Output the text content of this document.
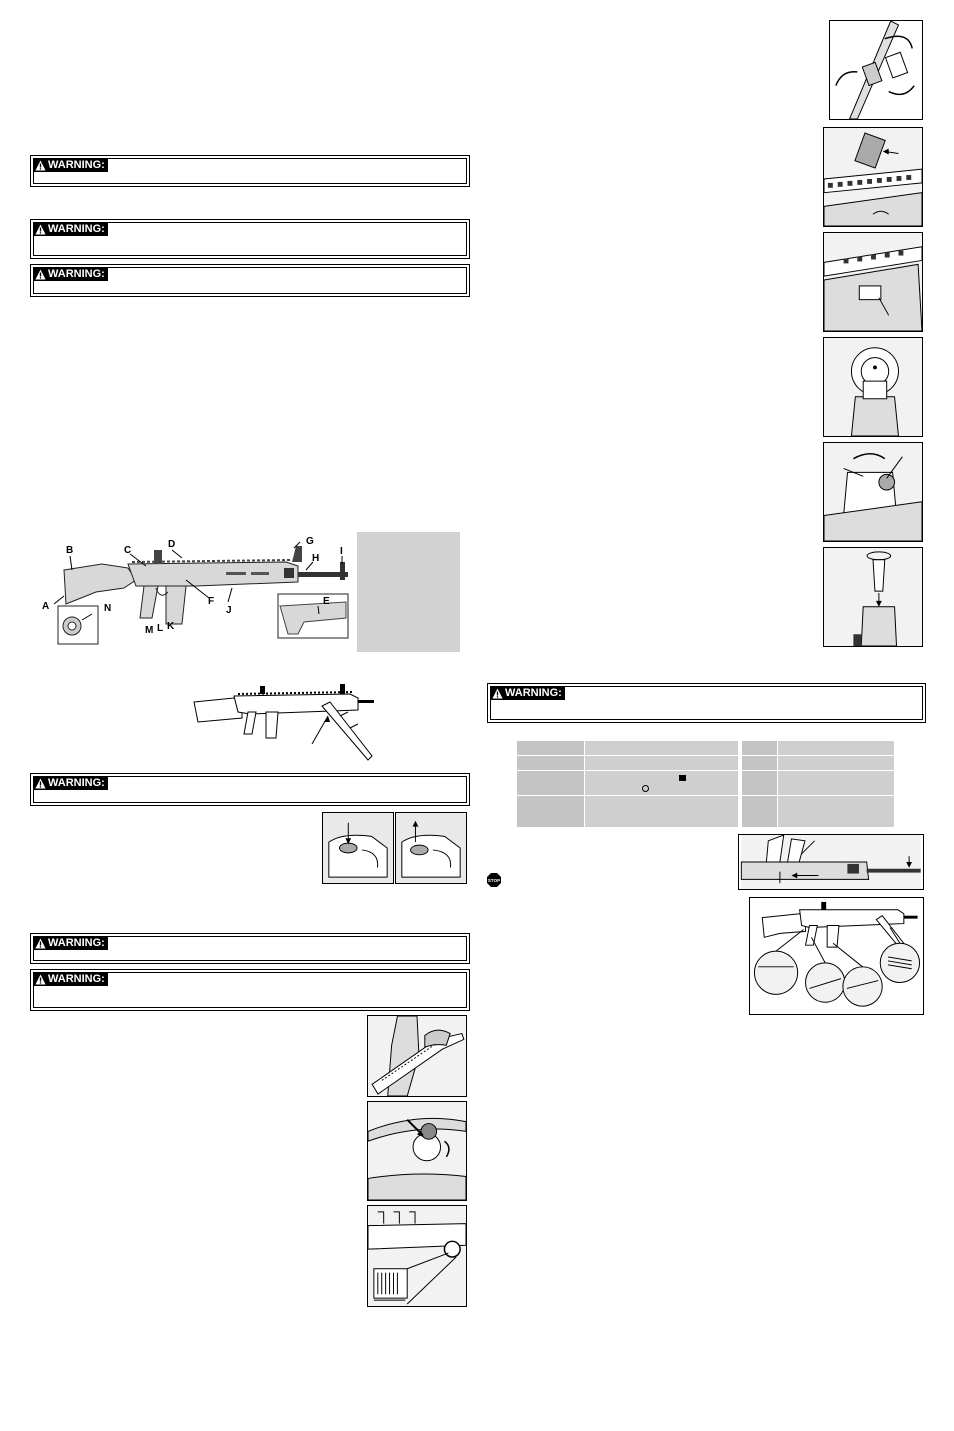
WARNING:
WARNING:
WARNING:
A
B	C
D
E
F
G
H
I
J
K
L
M
N
WARNING:
WARNING:
WARNING:
WARNING:
STOP
